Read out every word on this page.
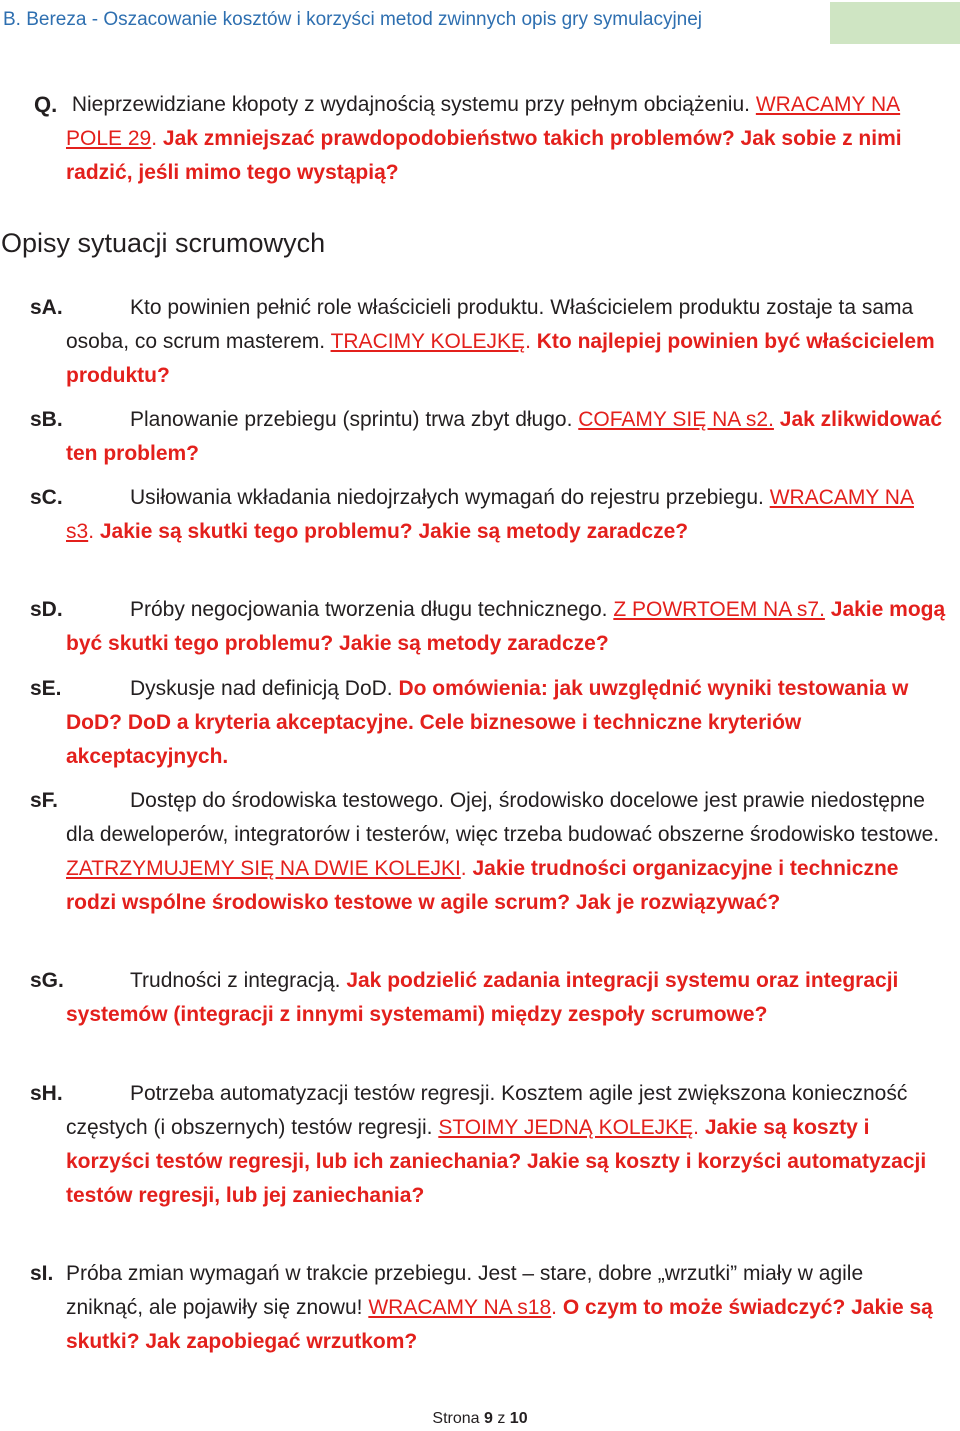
B. Bereza - Oszacowanie kosztów i korzyści metod zwinnych opis gry symulacyjnej
Q. Nieprzewidziane kłopoty z wydajnością systemu przy pełnym obciążeniu. WRACAMY NA POLE 29. Jak zmniejszać prawdopodobieństwo takich problemów? Jak sobie z nimi radzić, jeśli mimo tego wystąpią?
Opisy sytuacji scrumowych
sA.	Kto powinien pełnić role właścicieli produktu. Właścicielem produktu zostaje ta sama osoba, co scrum masterem. TRACIMY KOLEJKĘ. Kto najlepiej powinien być właścicielem produktu?
sB.	Planowanie przebiegu (sprintu) trwa zbyt długo. COFAMY SIĘ NA s2. Jak zlikwidować ten problem?
sC.	Usiłowania wkładania niedojrzałych wymagań do rejestru przebiegu. WRACAMY NA s3. Jakie są skutki tego problemu? Jakie są metody zaradcze?
sD.	Próby negocjowania tworzenia długu technicznego. Z POWRTOEM NA s7. Jakie mogą być skutki tego problemu? Jakie są metody zaradcze?
sE.	Dyskusje nad definicją DoD. Do omówienia: jak uwzględnić wyniki testowania w DoD? DoD a kryteria akceptacyjne. Cele biznesowe i techniczne kryteriów akceptacyjnych.
sF.	Dostęp do środowiska testowego. Ojej, środowisko docelowe jest prawie niedostępne dla deweloperów, integratorów i testerów, więc trzeba budować obszerne środowisko testowe. ZATRZYMUJEMY SIĘ NA DWIE KOLEJKI. Jakie trudności organizacyjne i techniczne rodzi wspólne środowisko testowe w agile scrum? Jak je rozwiązywać?
sG.	Trudności z integracją. Jak podzielić zadania integracji systemu oraz integracji systemów (integracji z innymi systemami) między zespoły scrumowe?
sH.	Potrzeba automatyzacji testów regresji. Kosztem agile jest zwiększona konieczność częstych (i obszernych) testów regresji. STOIMY JEDNĄ KOLEJKĘ. Jakie są koszty i korzyści testów regresji, lub ich zaniechania? Jakie są koszty i korzyści automatyzacji testów regresji, lub jej zaniechania?
sI. Próba zmian wymagań w trakcie przebiegu. Jest – stare, dobre „wrzutki” miały w agile zniknąć, ale pojawiły się znowu! WRACAMY NA s18. O czym to może świadczyć? Jakie są skutki? Jak zapobiegać wrzutkom?
Strona 9 z 10
